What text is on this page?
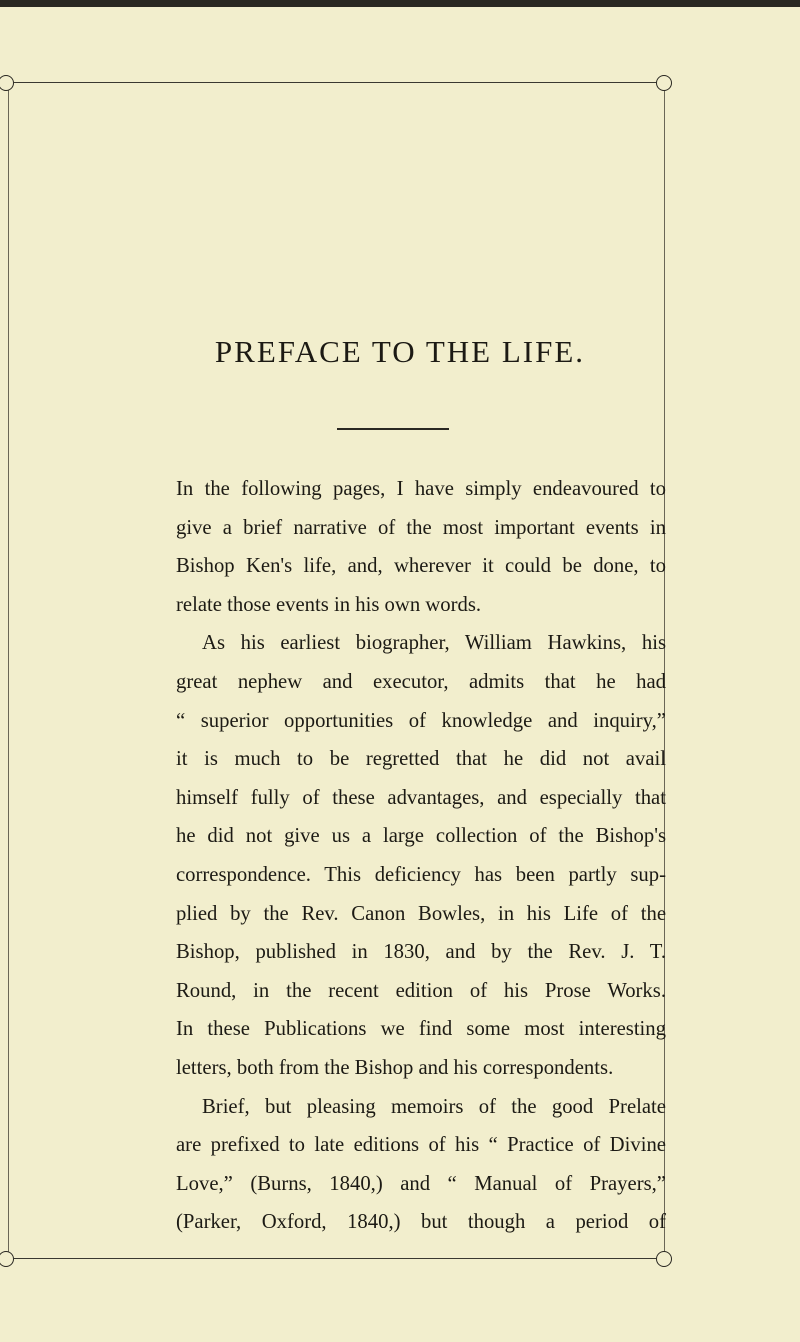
PREFACE TO THE LIFE.
In the following pages, I have simply endeavoured to
give a brief narrative of the most important events in
Bishop Ken's life, and, wherever it could be done, to
relate those events in his own words.
As his earliest biographer, William Hawkins, his
great nephew and executor, admits that he had
“ superior opportunities of knowledge and inquiry,”
it is much to be regretted that he did not avail
himself fully of these advantages, and especially that
he did not give us a large collection of the Bishop's
correspondence. This deficiency has been partly sup-
plied by the Rev. Canon Bowles, in his Life of the
Bishop, published in 1830, and by the Rev. J. T.
Round, in the recent edition of his Prose Works.
In these Publications we find some most interesting
letters, both from the Bishop and his correspondents.
Brief, but pleasing memoirs of the good Prelate
are prefixed to late editions of his “ Practice of Divine
Love,” (Burns, 1840,) and “ Manual of Prayers,”
(Parker, Oxford, 1840,) but though a period of
